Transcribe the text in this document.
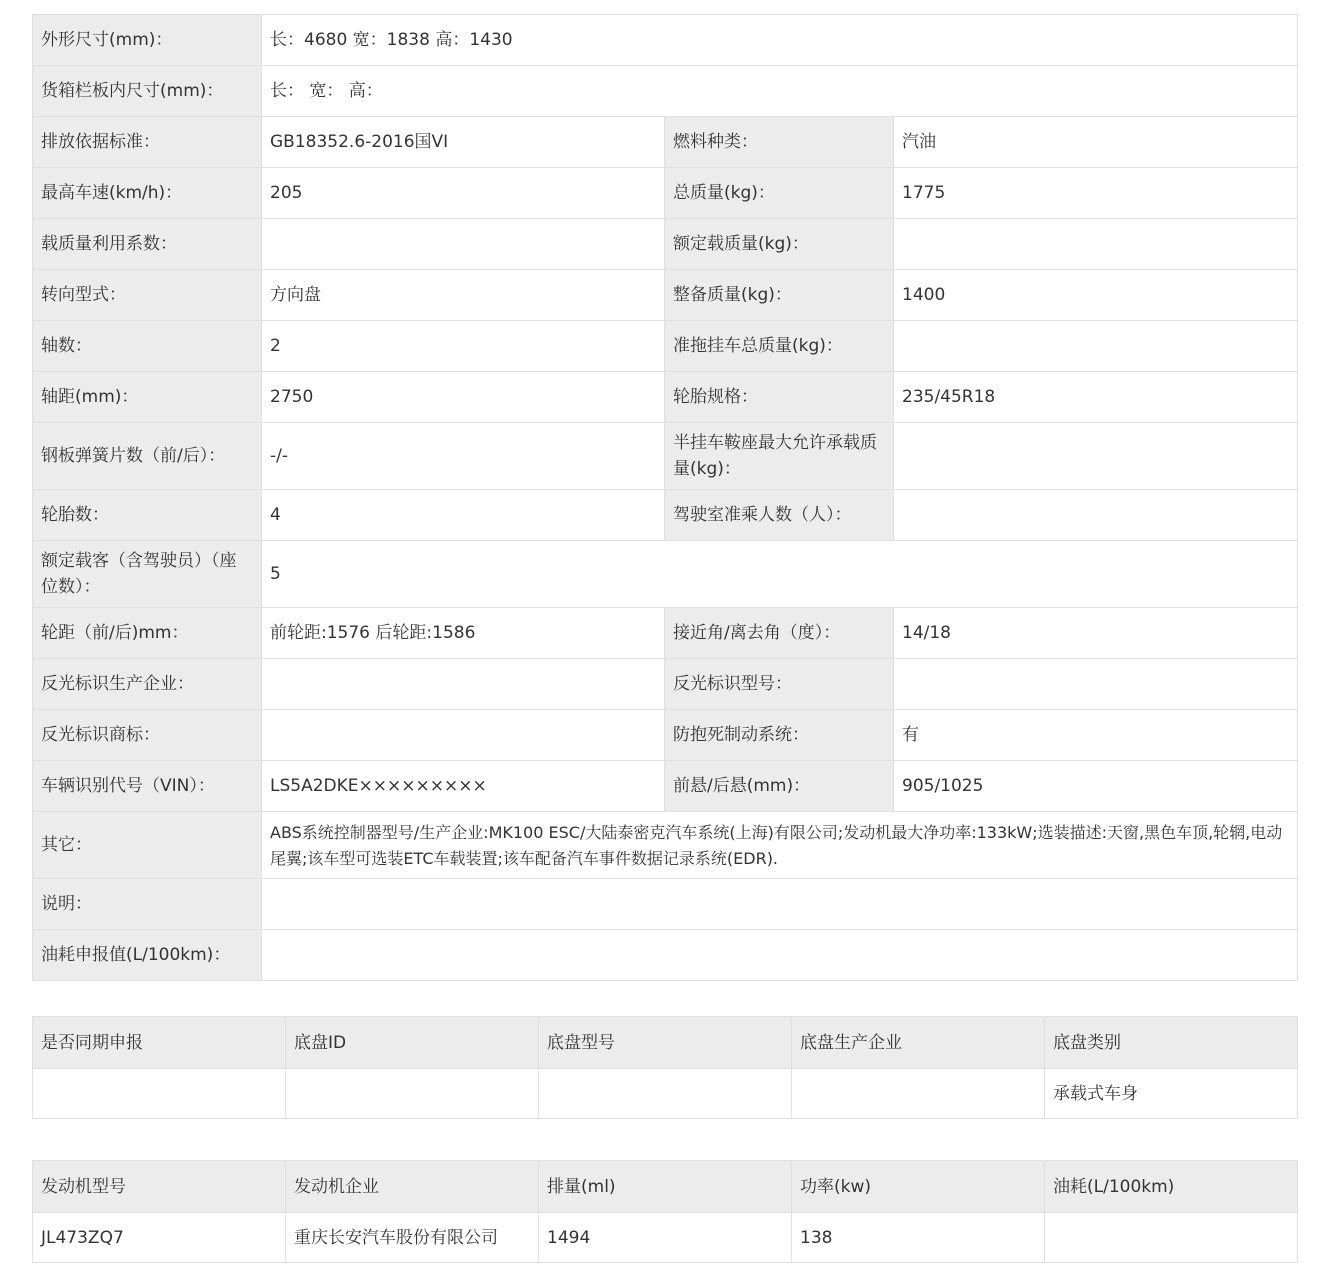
外形尺寸(mm)：	长：4680 宽：1838 高：1430		
货箱栏板内尺寸(mm)：	长： 宽： 高：		
排放依据标准：	GB18352.6-2016国VI	燃料种类：	汽油
最高车速(km/h)：	205	总质量(kg)：	1775
载质量利用系数：		额定载质量(kg)：	
转向型式：	方向盘	整备质量(kg)：	1400
轴数：	2	准拖挂车总质量(kg)：	
轴距(mm)：	2750	轮胎规格：	235/45R18
钢板弹簧片数（前/后）：	-/-	半挂车鞍座最大允许承载质量(kg)：	
轮胎数：	4	驾驶室准乘人数（人）：	
额定载客（含驾驶员）（座位数）：	5		
轮距（前/后)mm：	前轮距:1576 后轮距:1586	接近角/离去角（度）：	14/18
反光标识生产企业：		反光标识型号：	
反光标识商标：		防抱死制动系统：	有
车辆识别代号（VIN）：	LS5A2DKE×××××××××	前悬/后悬(mm)：	905/1025
其它：	ABS系统控制器型号/生产企业:MK100 ESC/大陆泰密克汽车系统(上海)有限公司;发动机最大净功率:133kW;选装描述:天窗,黑色车顶,轮辋,电动尾翼;该车型可选装ETC车载装置;该车配备汽车事件数据记录系统(EDR).		
说明：			
油耗申报值(L/100km)：			
是否同期申报	底盘ID	底盘型号	底盘生产企业	底盘类别
				承载式车身
发动机型号	发动机企业	排量(ml)	功率(kw)	油耗(L/100km)
JL473ZQ7	重庆长安汽车股份有限公司	1494	138	
